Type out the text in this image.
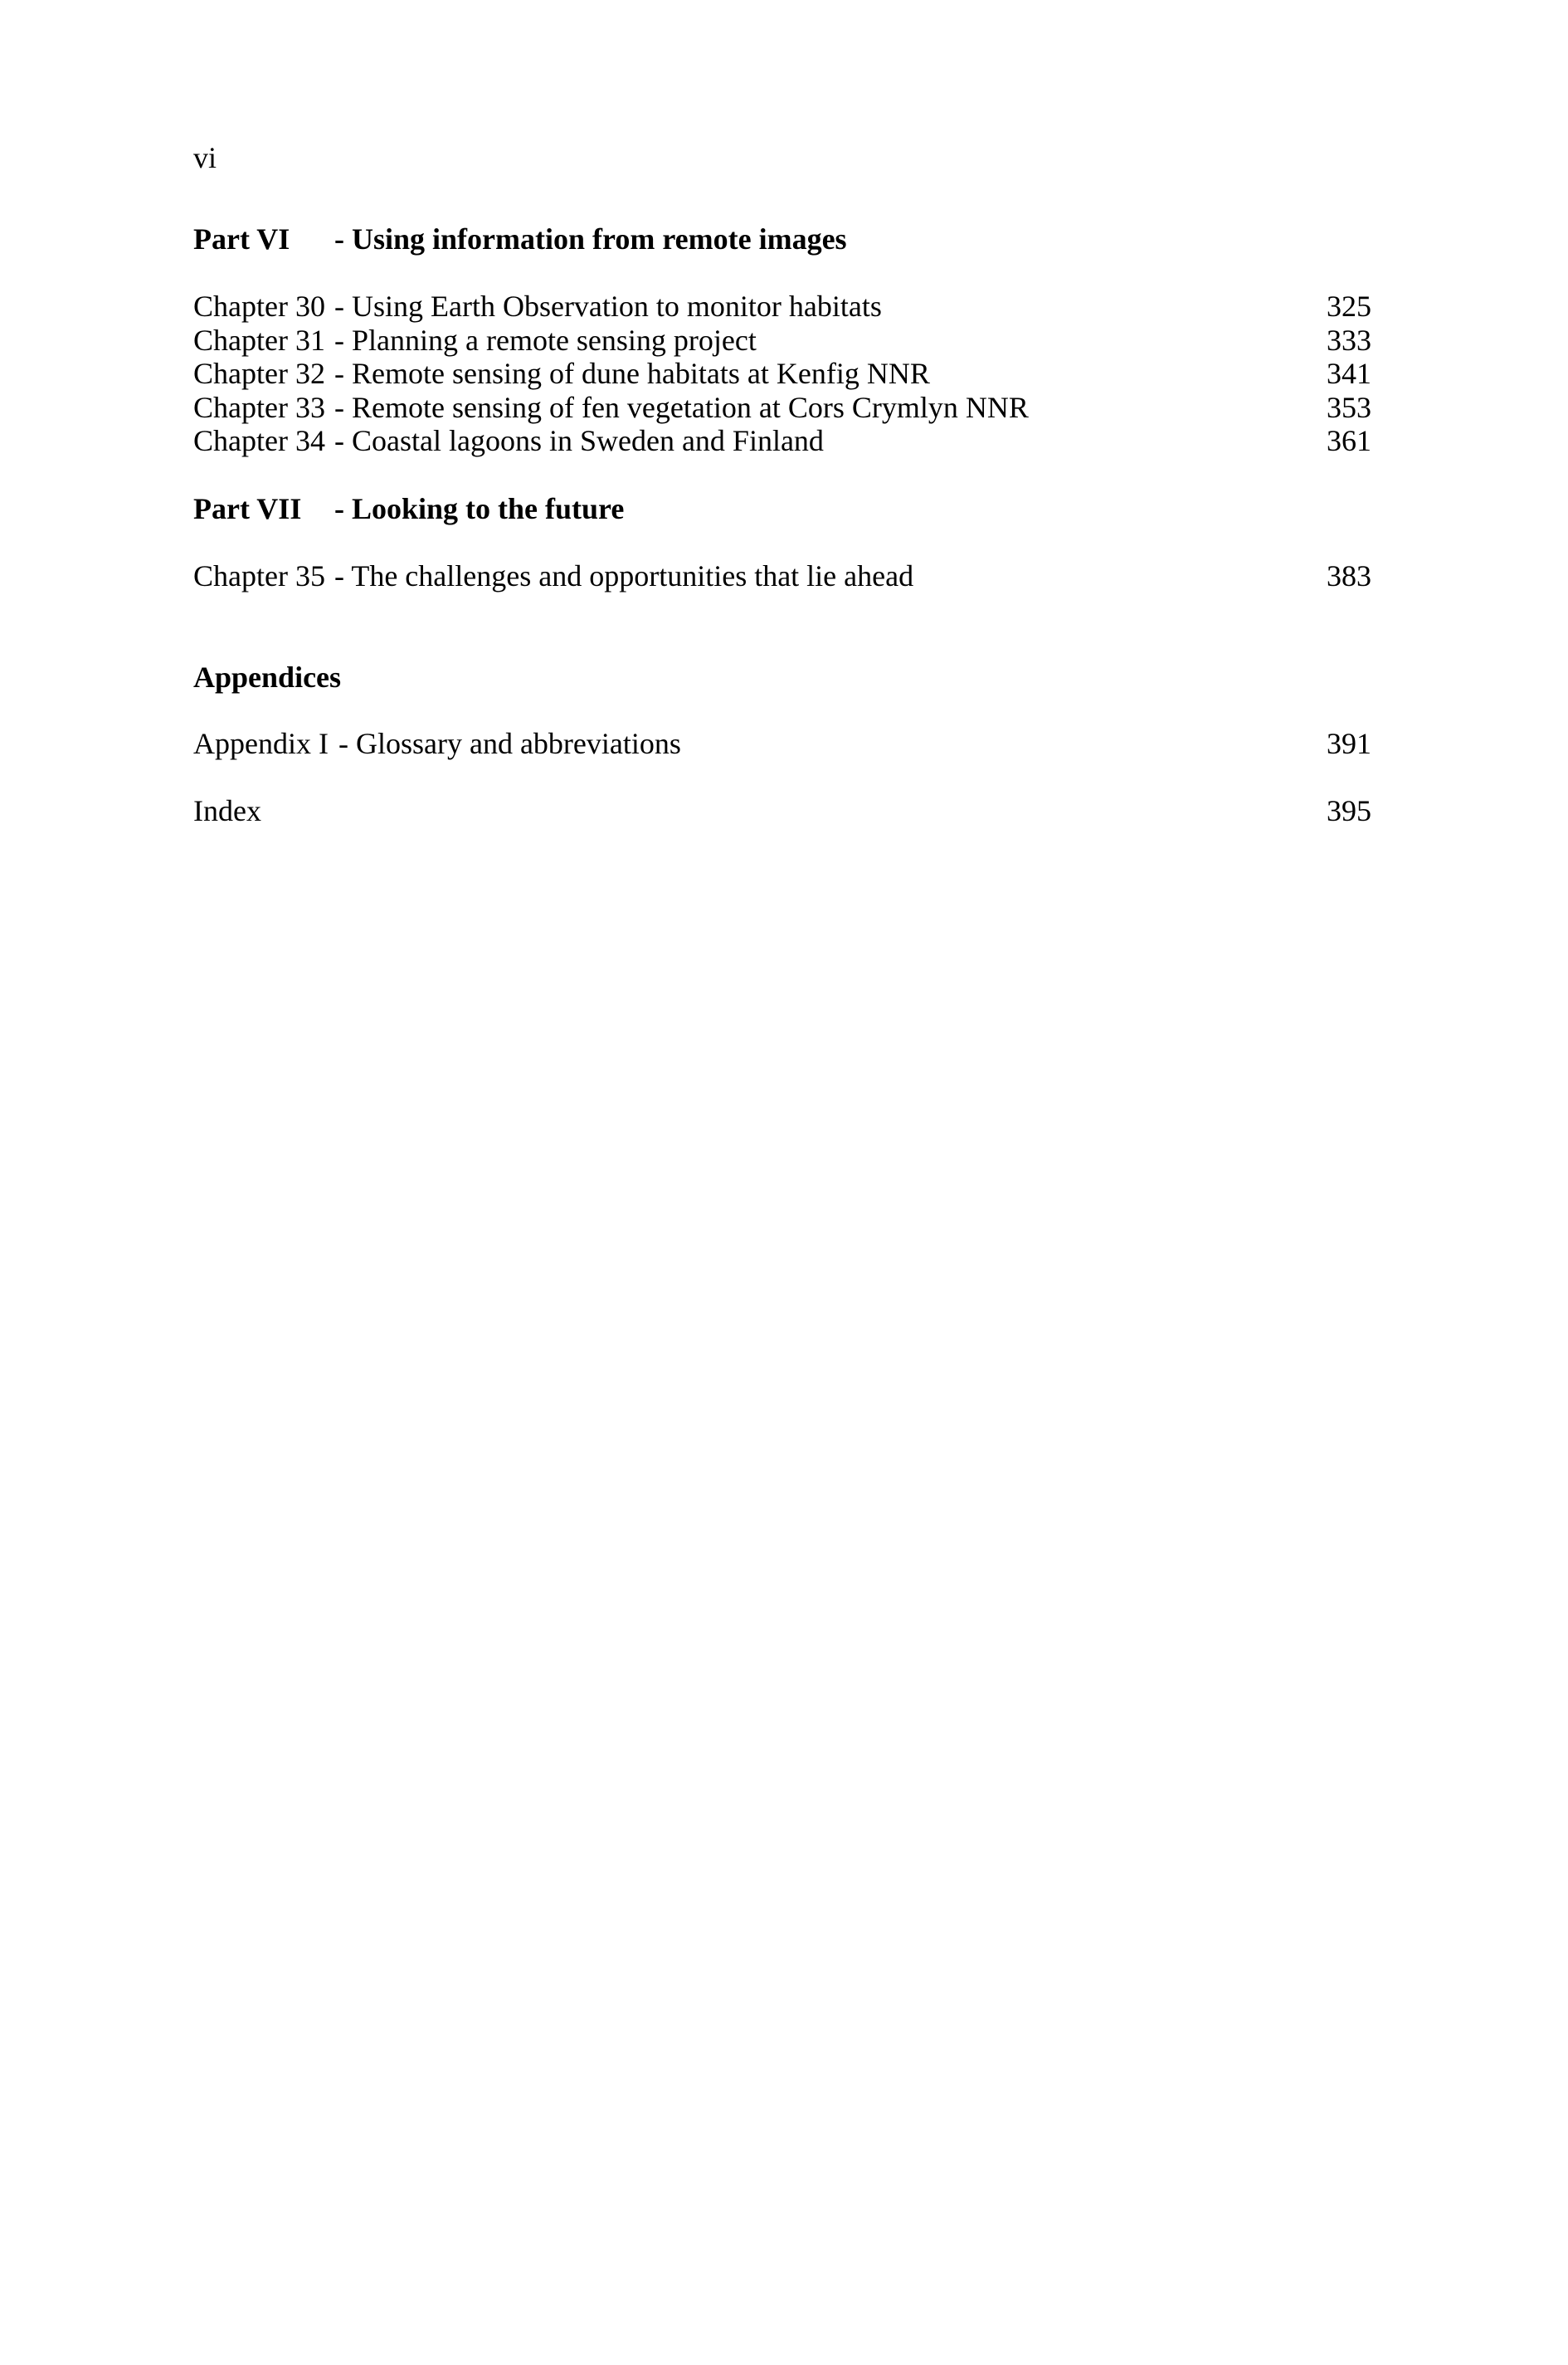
vi
Part VI - Using information from remote images
Chapter 30 - Using Earth Observation to monitor habitats	325
Chapter 31 - Planning a remote sensing project	333
Chapter 32 - Remote sensing of dune habitats at Kenfig NNR	341
Chapter 33 - Remote sensing of fen vegetation at Cors Crymlyn NNR	353
Chapter 34 - Coastal lagoons in Sweden and Finland	361
Part VII - Looking to the future
Chapter 35 - The challenges and opportunities that lie ahead	383
Appendices
Appendix I - Glossary and abbreviations	391
Index	395
